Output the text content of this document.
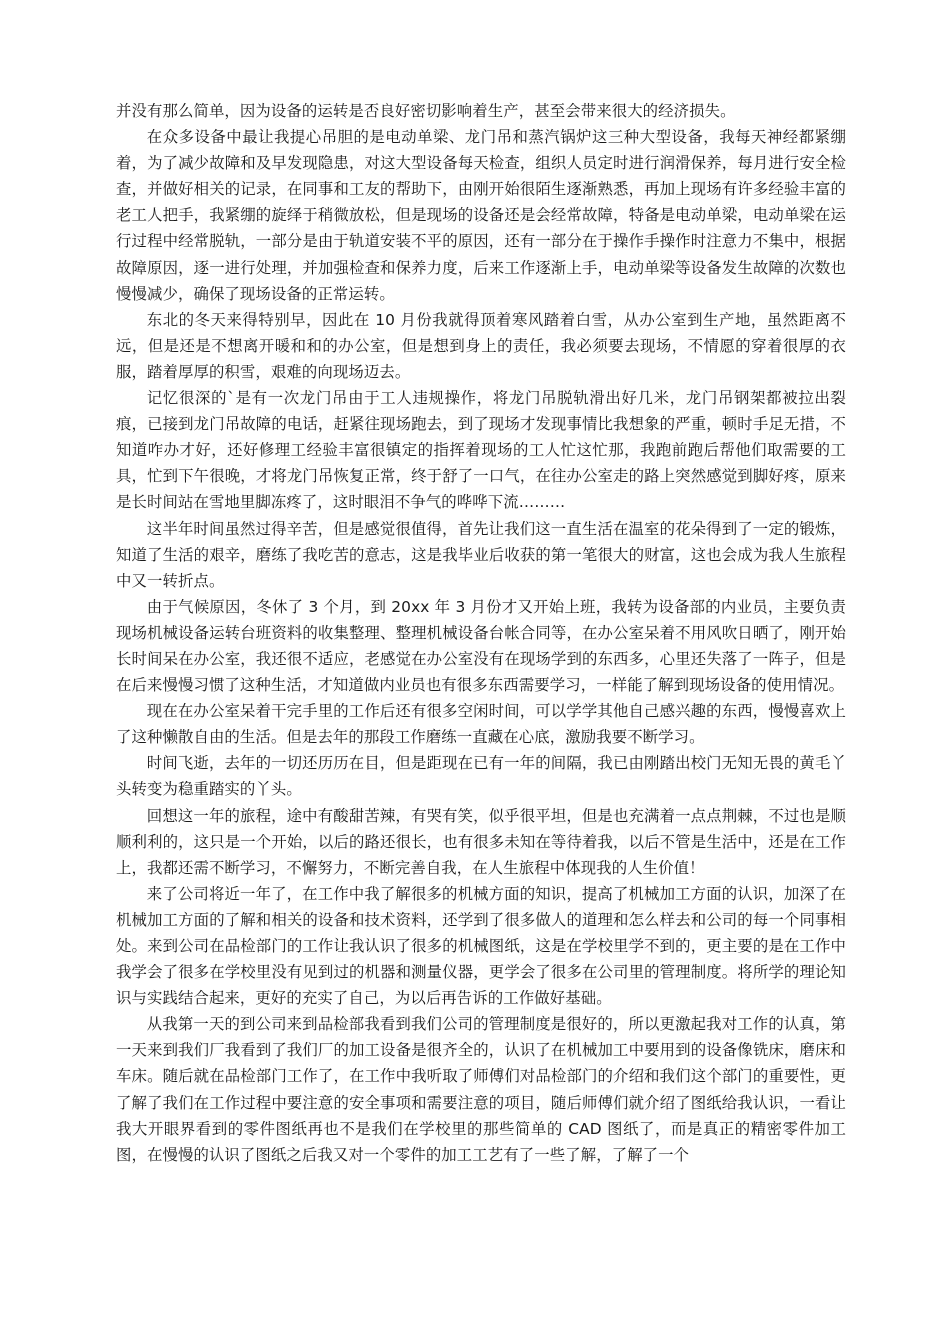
并没有那么简单，因为设备的运转是否良好密切影响着生产，甚至会带来很大的经济损失。

在众多设备中最让我提心吊胆的是电动单梁、龙门吊和蒸汽锅炉这三种大型设备，我每天神经都紧绷着，为了减少故障和及早发现隐患，对这大型设备每天检查，组织人员定时进行润滑保养，每月进行安全检查，并做好相关的记录，在同事和工友的帮助下，由刚开始很陌生逐渐熟悉，再加上现场有许多经验丰富的老工人把手，我紧绷的旋绎于稍微放松，但是现场的设备还是会经常故障，特备是电动单梁，电动单梁在运行过程中经常脱轨，一部分是由于轨道安装不平的原因，还有一部分在于操作手操作时注意力不集中，根据故障原因，逐一进行处理，并加强检查和保养力度，后来工作逐渐上手，电动单梁等设备发生故障的次数也慢慢减少，确保了现场设备的正常运转。

东北的冬天来得特别早，因此在 10 月份我就得顶着寒风踏着白雪，从办公室到生产地，虽然距离不远，但是还是不想离开暖和和的办公室，但是想到身上的责任，我必须要去现场，不情愿的穿着很厚的衣服，踏着厚厚的积雪，艰难的向现场迈去。

记忆很深的`是有一次龙门吊由于工人违规操作，将龙门吊脱轨滑出好几米，龙门吊钢架都被拉出裂痕，已接到龙门吊故障的电话，赶紧往现场跑去，到了现场才发现事情比我想象的严重，顿时手足无措，不知道咋办才好，还好修理工经验丰富很镇定的指挥着现场的工人忙这忙那，我跑前跑后帮他们取需要的工具，忙到下午很晚，才将龙门吊恢复正常，终于舒了一口气，在往办公室走的路上突然感觉到脚好疼，原来是长时间站在雪地里脚冻疼了，这时眼泪不争气的哗哗下流………

这半年时间虽然过得辛苦，但是感觉很值得，首先让我们这一直生活在温室的花朵得到了一定的锻炼，知道了生活的艰辛，磨练了我吃苦的意志，这是我毕业后收获的第一笔很大的财富，这也会成为我人生旅程中又一转折点。

由于气候原因，冬休了 3 个月，到 20xx 年 3 月份才又开始上班，我转为设备部的内业员，主要负责现场机械设备运转台班资料的收集整理、整理机械设备台帐合同等，在办公室呆着不用风吹日晒了，刚开始长时间呆在办公室，我还很不适应，老感觉在办公室没有在现场学到的东西多，心里还失落了一阵子，但是在后来慢慢习惯了这种生活，才知道做内业员也有很多东西需要学习，一样能了解到现场设备的使用情况。

现在在办公室呆着干完手里的工作后还有很多空闲时间，可以学学其他自己感兴趣的东西，慢慢喜欢上了这种懒散自由的生活。但是去年的那段工作磨练一直藏在心底，激励我要不断学习。

时间飞逝，去年的一切还历历在目，但是距现在已有一年的间隔，我已由刚踏出校门无知无畏的黄毛丫头转变为稳重踏实的丫头。

回想这一年的旅程，途中有酸甜苦辣，有哭有笑，似乎很平坦，但是也充满着一点点荆棘，不过也是顺顺利利的，这只是一个开始，以后的路还很长，也有很多未知在等待着我，以后不管是生活中，还是在工作上，我都还需不断学习，不懈努力，不断完善自我，在人生旅程中体现我的人生价值！

来了公司将近一年了，在工作中我了解很多的机械方面的知识，提高了机械加工方面的认识，加深了在机械加工方面的了解和相关的设备和技术资料，还学到了很多做人的道理和怎么样去和公司的每一个同事相处。来到公司在品检部门的工作让我认识了很多的机械图纸，这是在学校里学不到的，更主要的是在工作中我学会了很多在学校里没有见到过的机器和测量仪器，更学会了很多在公司里的管理制度。将所学的理论知识与实践结合起来，更好的充实了自己，为以后再告诉的工作做好基础。

从我第一天的到公司来到品检部我看到我们公司的管理制度是很好的，所以更激起我对工作的认真，第一天来到我们厂我看到了我们厂的加工设备是很齐全的，认识了在机械加工中要用到的设备像铣床，磨床和车床。随后就在品检部门工作了，在工作中我听取了师傅们对品检部门的介绍和我们这个部门的重要性，更了解了我们在工作过程中要注意的安全事项和需要注意的项目，随后师傅们就介绍了图纸给我认识，一看让我大开眼界看到的零件图纸再也不是我们在学校里的那些简单的 CAD 图纸了，而是真正的精密零件加工图，在慢慢的认识了图纸之后我又对一个零件的加工工艺有了一些了解，了解了一个
